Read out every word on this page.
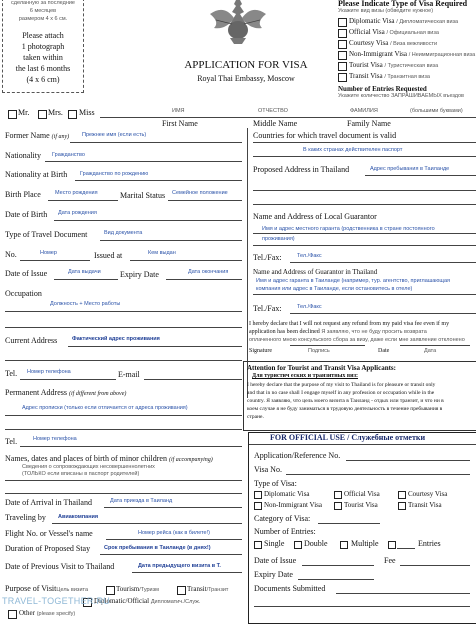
сделанную за последние
6 месяцев
размером 4 х 6 см.
Please attach
1 photograph
taken within
the last 6 months
(4 x 6 cm)
APPLICATION FOR VISA
Royal Thai Embassy, Moscow
Please Indicate Type of Visa Required
Укажите вид визы (обведите нужное)
Diplomatic Visa / Дипломатическая виза
Official Visa / Официальная виза
Courtesy Visa / Виза вежливости
Non-Immigrant Visa / Неиммиграционная виза
Tourist Visa / Туристическая виза
Transit Visa / Транзитная виза
Number of Entries Requested
Укажите количество ЗАПРАШИВАЕМЫХ въездов
Mr. Mrs. Miss	ИМЯ	ОТЧЕСТВО	ФАМИЛИЯ	(большими буквами)
First Name	Middle Name	Family Name
Former Name (if any) Прежнее имя (если есть)
Nationality Гражданство
Nationality at Birth Гражданство по рождению
Birth Place	Место рождения	Marital Status Семейное положение
Date of Birth Дата рождения
Type of Travel Document	Вид документа
No.	Номер	Issued at	Кем выдан
Date of Issue	Дата выдачи Expiry Date	Дата окончания
Occupation
Должность + Место работы
Current Address	Фактический адрес проживания
Tel. Номер телефона	E-mail
Permanent Address (if different from above)
Адрес прописки (только если отличается от адреса проживания)
Tel.	Номер телефона
Names, dates and places of birth of minor children (if accompanying)
Сведения о сопровождающих несовершеннолетних
(ТОЛЬКО если вписаны в паспорт родителей)
Date of Arrival in Thailand	Дата приезда в Таиланд
Traveling by Авиакомпания
Flight No. or Vessel's name	Номер рейса (как в билете!)
Duration of Proposed Stay	Срок пребывания в Таиланде (в днях!)
Date of Previous Visit to Thailand	Дата предыдущего визита в Т.
Purpose of VisitЦель визита	Tourism/Туризм	Transit/Транзит
Diplomatic/Official Дипломатич./Служ.
Other (please specify)
TRAVEL-TOGETHER.RU
Countries for which travel document is valid
В каких странах действителен паспорт
Proposed Address in Thailand	Адрес пребывания в Таиланде
Name and Address of Local Guarantor
Имя и адрес местного гаранта (родственника в стране постоянного
проживания)
Tel./Fax:	Тел./Факс
Name and Address of Guarantor in Thailand
Имя и адрес гаранта в Таиланде (например, тур. агентство, приглашающая
компания или адрес в Таиланде, если остановитесь в отеле)
Tel./Fax:	Тел./Факс
I hereby declare that I will not request any refund from my paid visa fee even if my
application has been declined Я заявляю, что не буду просить возврата
оплаченного мною консульского сбора за визу, даже если мне заявление отклонено
Signature	Подпись	Date	Дата
Attention for Tourist and Transit Visa Applicants:
Для туристич еских и транзитных виз:
I hereby declare that the purpose of my visit to Thailand is for pleasure or transit only
and that in no case shall I engage myself in any profession or occupation while in the
country. Я заявляю, что цель моего визита в Таиланд - отдых или транзит, и что ни в
коем случае я не буду заниматься в трудовую деятельность в течение пребывания в
стране.
FOR OFFICIAL USE / Служебные отметки
Application/Reference No.
Visa No.
Type of Visa:
Diplomatic Visa	Official Visa	Courtesy Visa
Non-Immigrant Visa	Tourist Visa	Transit Visa
Category of Visa:
Number of Entries:
Single Double	Multiple	Entries
Date of Issue	Fee
Expiry Date
Documents Submitted
